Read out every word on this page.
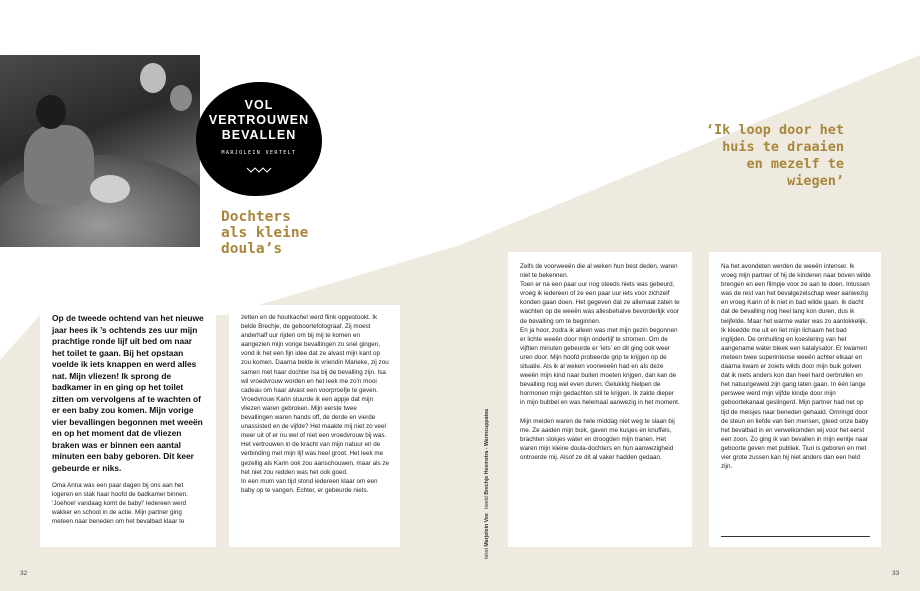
VOL
VERTROUWEN
BEVALLEN
MARJOLEIN VERTELT
Dochters
als kleine
doula’s
‘Ik loop door het
huis te draaien
en mezelf te
wiegen’

Op de tweede ochtend van het nieuwe jaar hees ik ’s ochtends zes uur mijn prachtige ronde lijf uit bed om naar het toilet te gaan. Bij het opstaan voelde ik iets knappen en werd alles nat. Mijn vliezen! Ik sprong de badkamer in en ging op het toilet zitten om vervolgens af te wachten of er een baby zou komen. Mijn vorige vier bevallingen begonnen met weeën en op het moment dat de vliezen braken was er binnen een aantal minuten een baby geboren. Dit keer gebeurde er niks.

Oma Anna was een paar dagen bij ons aan het logeren en stak haar hoofd de badkamer binnen. ‘Joehoe! vandaag komt de baby!’ Iedereen werd wakker en schoot in de actie. Mijn partner ging meteen naar beneden om het bevalbad klaar te

zetten en de houtkachel werd flink opgestookt. Ik belde Brechje, de geboortefotograaf. Zij moest anderhalf uur rijden om bij mij te komen en aangezien mijn vorige bevallingen zo snel gingen, vond ik het een fijn idee dat ze alvast mijn kant op zou komen. Daarna belde ik vriendin Marieke, zij zou samen met haar dochter Isa bij de bevalling zijn. Isa wil vroedvrouw worden en het leek me zo’n mooi cadeau om haar alvast een voorproefje te geven. Vroedvrouw Karin stuurde ik een appje dat mijn vliezen waren gebroken. Mijn eerste twee bevallingen waren hands off, de derde en vierde unassisted en de vijfde? Het maakte mij niet zo veel meer uit of er nu wel of niet een vroedvrouw bij was. Het vertrouwen in de kracht van mijn natuur en de verbinding met mijn lijf was heel groot. Het leek me gezellig als Karin ook zou aanschouwen, maar als ze het niet zou redden was het ook goed.

In een mum van tijd stond iedereen klaar om een baby op te vangen. Echter, er gebeurde niets.

tekst Marjolein Vos   beeld Brechje Heemstra - Warmcuppatea

Zelfs de voorweeën die al weken hun best deden, waren niet te bekennen.

Toen er na een paar uur nog steeds niets was gebeurd, vroeg ik iedereen of ze een paar uur iets voor zichzelf konden gaan doen. Het gegeven dat ze allemaal zaten te wachten op de weeën was allesbehalve bevorderlijk voor de bevalling om te beginnen.

En ja hoor, zodra ik alleen was met mijn gezin begonnen er lichte weeën door mijn onderlijf te stromen. Om de vijftien minuten gebeurde er ‘iets’ en dit ging ook weer uren door. Mijn hoofd probeerde grip te krijgen op de situatie. Als ik al weken voorweeën had en als deze weeën mijn kind naar buiten moeten krijgen, dan kan de bevalling nog wel even duren. Gelukkig hielpen de hormonen mijn gedachten stil te krijgen. Ik zakte dieper in mijn bubbel en was helemaal aanwezig in het moment.

Mijn meiden waren de hele middag niet weg te slaan bij me. Ze aaiden mijn buik, gaven me kusjes en knuffels, brachten slokjes water en droogden mijn tranen. Het waren mijn kleine doula-dochters en hun aanwezigheid ontroerde mij. Alsof ze dit al vaker hadden gedaan.

Na het avondeten werden de weeën intenser. Ik vroeg mijn partner of hij de kinderen naar boven wilde brengen en een filmpje voor ze aan te doen. Intussen was de rest van het bevalgezelschap weer aanwezig en vroeg Karin of ik niet in bad wilde gaan. Ik dacht dat de bevalling nog heel lang kon duren, dus ik twijfelde. Maar het warme water was zo aanlokkelijk. Ik kleedde me uit en liet mijn lichaam het bad inglijden. De omhulling en koestering van het aangename water bleek een katalysator. Er kwamen meteen twee superintense weeën achter elkaar en daarna kwam er zoiets wilds door mijn buik golven dat ik niets anders kon dan heel hard oerbrullen en het natuurgeweld zijn gang laten gaan. In één lange perswee werd mijn vijfde kindje door mijn geboortekanaal geslingerd. Mijn partner had net op tijd de meisjes naar beneden gehaald. Omringd door de steun en liefde van tien mensen, gleed onze baby het bevalbad in en verwelkomden wij voor het eerst een zoon. Zo ging ik van bevallen in mijn eentje naar geboorte geven met publiek. Tiuri is geboren en met vier grote zussen kan hij niet anders dan een held zijn.

32	33
